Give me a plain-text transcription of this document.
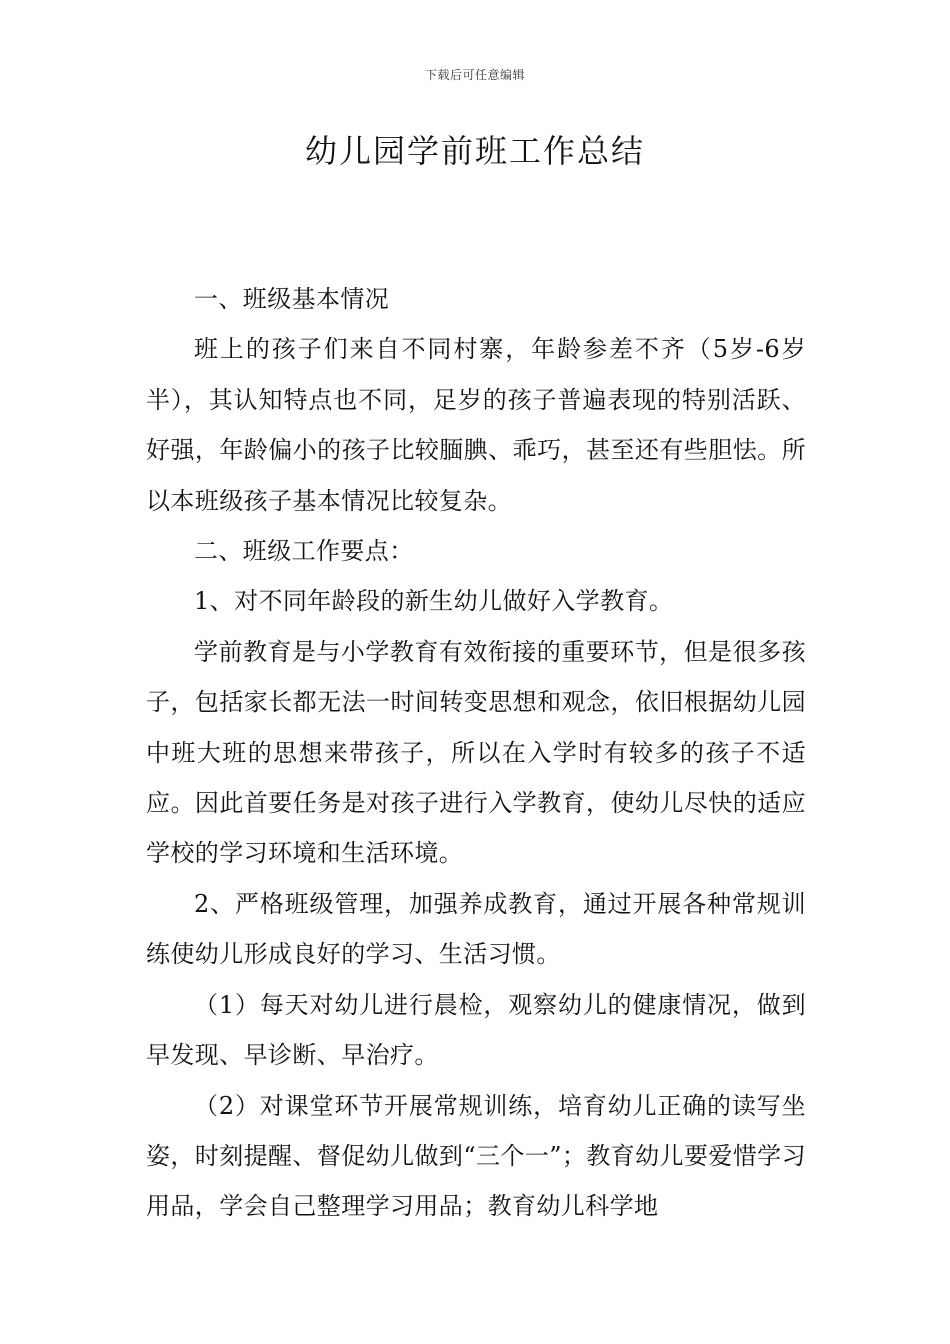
下载后可任意编辑
幼儿园学前班工作总结

一、班级基本情况

班上的孩子们来自不同村寨，年龄参差不齐（5岁-6岁半），其认知特点也不同，足岁的孩子普遍表现的特别活跃、好强，年龄偏小的孩子比较腼腆、乖巧，甚至还有些胆怯。所以本班级孩子基本情况比较复杂。

二、班级工作要点：

1、对不同年龄段的新生幼儿做好入学教育。

学前教育是与小学教育有效衔接的重要环节，但是很多孩子，包括家长都无法一时间转变思想和观念，依旧根据幼儿园中班大班的思想来带孩子，所以在入学时有较多的孩子不适应。因此首要任务是对孩子进行入学教育，使幼儿尽快的适应学校的学习环境和生活环境。

2、严格班级管理，加强养成教育，通过开展各种常规训练使幼儿形成良好的学习、生活习惯。

（1）每天对幼儿进行晨检，观察幼儿的健康情况，做到早发现、早诊断、早治疗。

（2）对课堂环节开展常规训练，培育幼儿正确的读写坐姿，时刻提醒、督促幼儿做到“三个一”；教育幼儿要爱惜学习用品，学会自己整理学习用品；教育幼儿科学地
